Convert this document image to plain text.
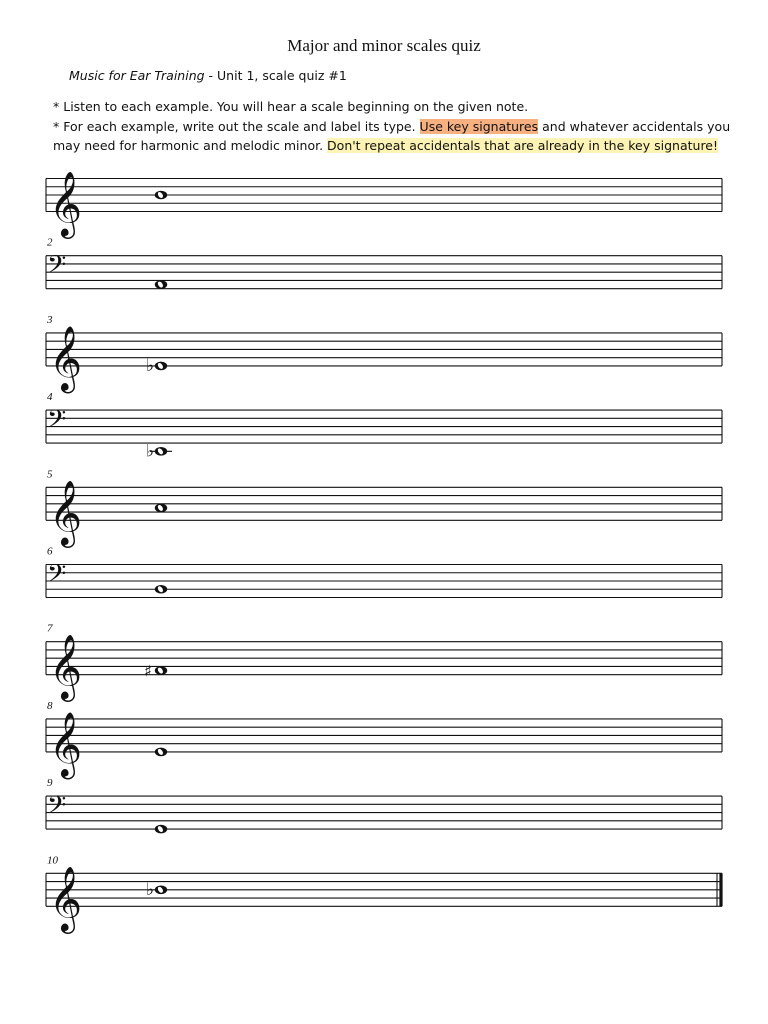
Major and minor scales quiz
Music for Ear Training - Unit 1, scale quiz #1
* Listen to each example. You will hear a scale beginning on the given note.
* For each example, write out the scale and label its type. Use key signatures and whatever accidentals you
may need for harmonic and melodic minor. Don't repeat accidentals that are already in the key signature!
𝄞
2
𝄢
3
𝄞	♭
4
𝄢
♭
5
𝄞
6
𝄢
7
𝄞	♯
8
𝄞
9
𝄢
10
𝄞	♭
